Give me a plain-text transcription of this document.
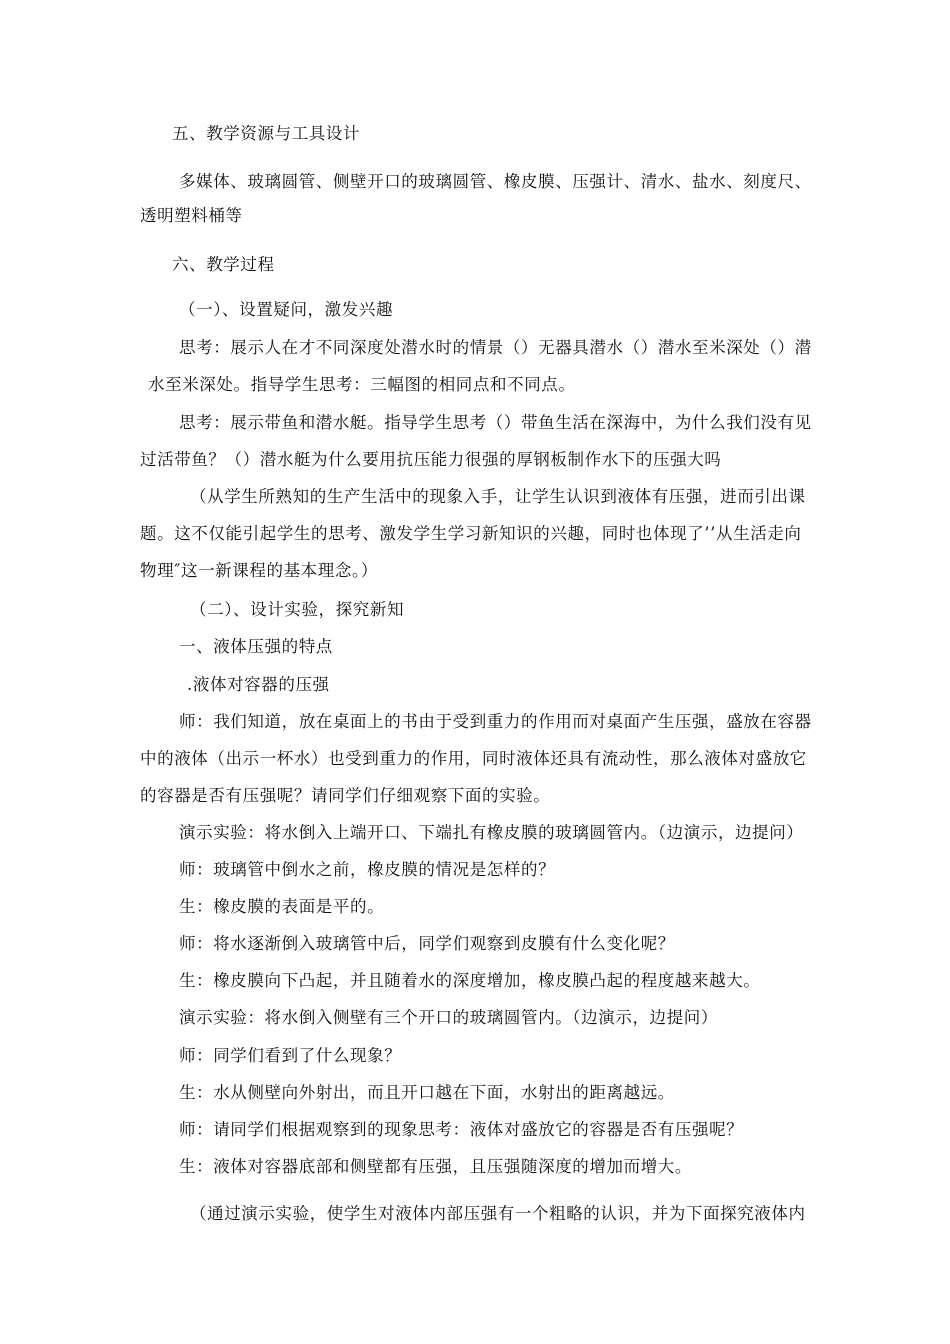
五、教学资源与工具设计
多媒体、玻璃圆管、侧壁开口的玻璃圆管、橡皮膜、压强计、清水、盐水、刻度尺、
透明塑料桶等
六、教学过程
（一）、设置疑问，激发兴趣
思考：展示人在才不同深度处潜水时的情景（）无器具潜水（）潜水至米深处（）潜
水至米深处。指导学生思考：三幅图的相同点和不同点。
思考：展示带鱼和潜水艇。指导学生思考（）带鱼生活在深海中，为什么我们没有见
过活带鱼？（）潜水艇为什么要用抗压能力很强的厚钢板制作水下的压强大吗
（从学生所熟知的生产生活中的现象入手，让学生认识到液体有压强，进而引出课
题。这不仅能引起学生的思考、激发学生学习新知识的兴趣，同时也体现了’’从生活走向
物理″这一新课程的基本理念。）
（二）、设计实验，探究新知
一、液体压强的特点
.液体对容器的压强
师：我们知道，放在桌面上的书由于受到重力的作用而对桌面产生压强，盛放在容器
中的液体（出示一杯水）也受到重力的作用，同时液体还具有流动性，那么液体对盛放它
的容器是否有压强呢？请同学们仔细观察下面的实验。
演示实验：将水倒入上端开口、下端扎有橡皮膜的玻璃圆管内。（边演示，边提问）
师：玻璃管中倒水之前，橡皮膜的情况是怎样的？
生：橡皮膜的表面是平的。
师：将水逐渐倒入玻璃管中后，同学们观察到皮膜有什么变化呢？
生：橡皮膜向下凸起，并且随着水的深度增加，橡皮膜凸起的程度越来越大。
演示实验：将水倒入侧壁有三个开口的玻璃圆管内。（边演示，边提问）
师：同学们看到了什么现象？
生：水从侧壁向外射出，而且开口越在下面，水射出的距离越远。
师：请同学们根据观察到的现象思考：液体对盛放它的容器是否有压强呢？
生：液体对容器底部和侧壁都有压强，且压强随深度的增加而增大。
（通过演示实验，使学生对液体内部压强有一个粗略的认识，并为下面探究液体内
